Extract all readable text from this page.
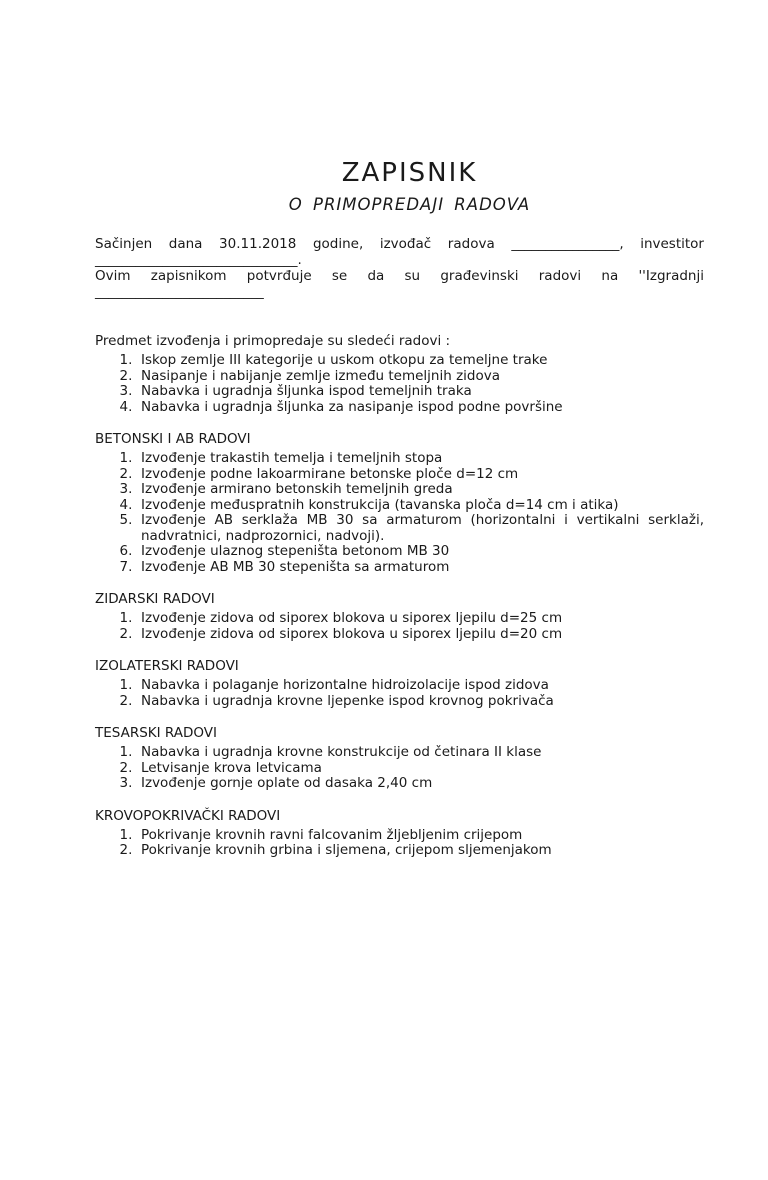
ZAPISNIK
O PRIMOPREDAJI RADOVA
Sačinjen dana 30.11.2018 godine, izvođač radova ________________, investitor
______________________________.
Ovim zapisnikom potvrđuje se da su građevinski radovi na ''Izgradnji
_________________________
Predmet izvođenja i primopredaje su sledeći radovi :
1. Iskop zemlje III kategorije u uskom otkopu za temeljne trake
2. Nasipanje i nabijanje zemlje između temeljnih zidova
3. Nabavka i ugradnja šljunka ispod temeljnih traka
4. Nabavka i ugradnja šljunka za nasipanje ispod podne površine
BETONSKI I AB RADOVI
1. Izvođenje trakastih temelja i temeljnih stopa
2. Izvođenje podne lakoarmirane betonske ploče d=12 cm
3. Izvođenje armirano betonskih temeljnih greda
4. Izvođenje međuspratnih konstrukcija (tavanska ploča d=14 cm i atika)
5. Izvođenje AB serklaža MB 30 sa armaturom (horizontalni i vertikalni serklaži, nadvratnici, nadprozornici, nadvoji).
6. Izvođenje ulaznog stepeništa betonom MB 30
7. Izvođenje AB MB 30 stepeništa sa armaturom
ZIDARSKI RADOVI
1. Izvođenje zidova od siporex blokova u siporex ljepilu d=25 cm
2. Izvođenje zidova od siporex blokova u siporex ljepilu d=20 cm
IZOLATERSKI RADOVI
1. Nabavka i polaganje horizontalne hidroizolacije ispod zidova
2. Nabavka i ugradnja krovne ljepenke ispod krovnog pokrivača
TESARSKI RADOVI
1. Nabavka i ugradnja krovne konstrukcije od četinara II klase
2. Letvisanje krova letvicama
3. Izvođenje gornje oplate od dasaka 2,40 cm
KROVOPOKRIVAČKI RADOVI
1. Pokrivanje krovnih ravni falcovanim žljebljenim crijepom
2. Pokrivanje krovnih grbina i sljemena, crijepom sljemenjakom
